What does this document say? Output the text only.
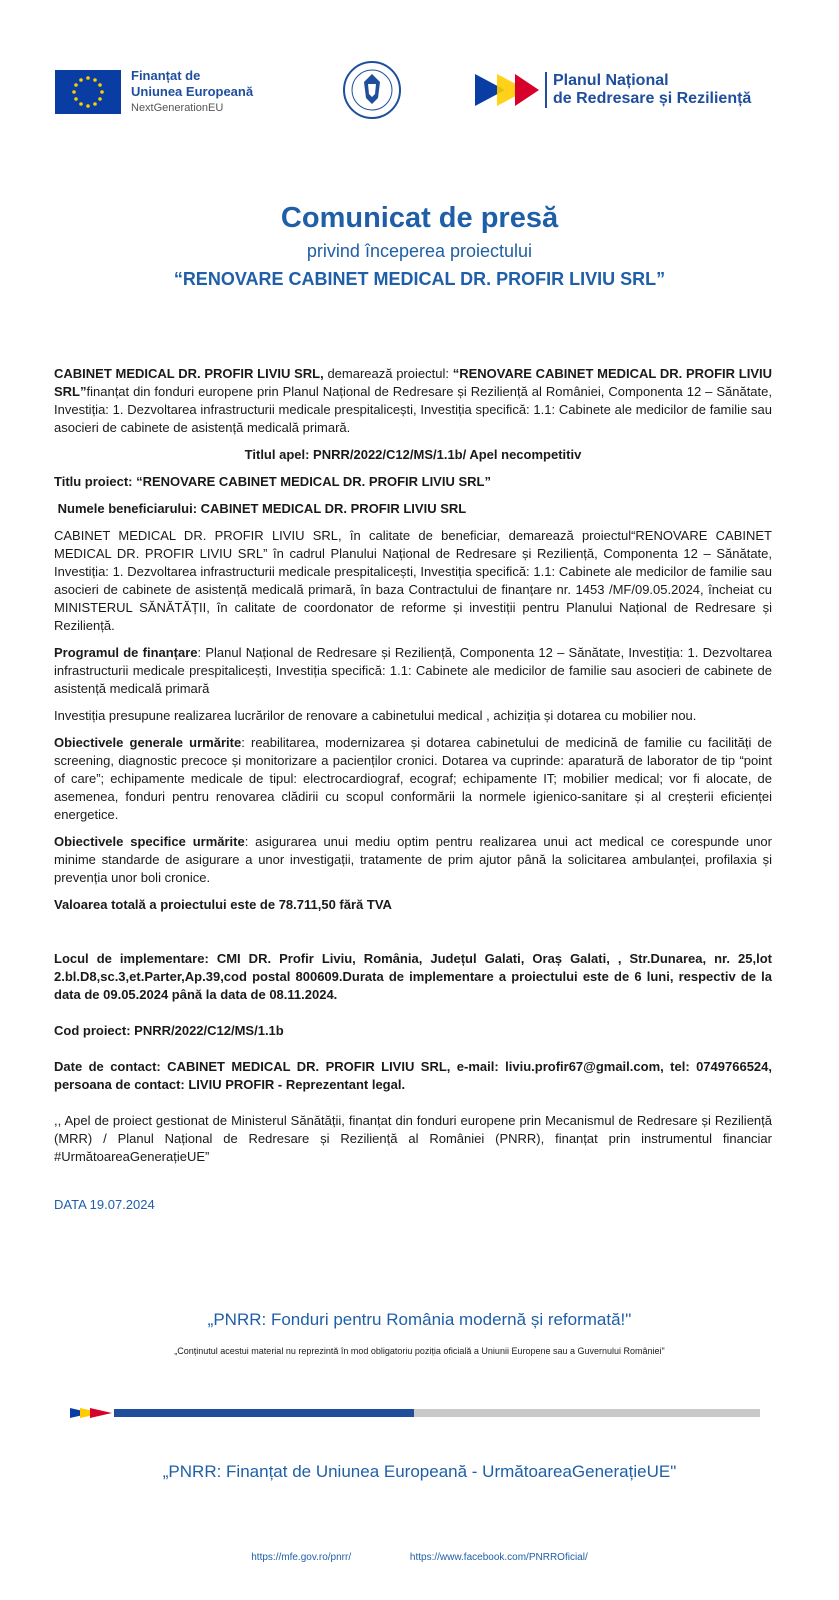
Finanțat de
Uniunea Europeană
NextGenerationEU
Planul Național
de Redresare și Reziliență
Comunicat de presă

privind începerea proiectului

“RENOVARE CABINET MEDICAL DR. PROFIR LIVIU SRL”

CABINET MEDICAL DR. PROFIR LIVIU SRL, demarează proiectul: “RENOVARE CABINET MEDICAL DR. PROFIR LIVIU SRL”finanțat din fonduri europene prin Planul Național de Redresare și Reziliență al României, Componenta 12 – Sănătate, Investiția: 1. Dezvoltarea infrastructurii medicale prespitalicești, Investiția specifică: 1.1: Cabinete ale medicilor de familie sau asocieri de cabinete de asistență medicală primară.

Titlul apel: PNRR/2022/C12/MS/1.1b/ Apel necompetitiv

Titlu proiect: “RENOVARE CABINET MEDICAL DR. PROFIR LIVIU SRL”

Numele beneficiarului: CABINET MEDICAL DR. PROFIR LIVIU SRL

CABINET MEDICAL DR. PROFIR LIVIU SRL, în calitate de beneficiar, demarează proiectul“RENOVARE CABINET MEDICAL DR. PROFIR LIVIU SRL” în cadrul Planului Național de Redresare și Reziliență, Componenta 12 – Sănătate, Investiția: 1. Dezvoltarea infrastructurii medicale prespitalicești, Investiția specifică: 1.1: Cabinete ale medicilor de familie sau asocieri de cabinete de asistență medicală primară, în baza Contractului de finanțare nr. 1453 /MF/09.05.2024, încheiat cu MINISTERUL SĂNĂTĂȚII, în calitate de coordonator de reforme și investiții pentru Planului Național de Redresare și Reziliență.

Programul de finanțare: Planul Național de Redresare și Reziliență, Componenta 12 – Sănătate, Investiția: 1. Dezvoltarea infrastructurii medicale prespitalicești, Investiția specifică: 1.1: Cabinete ale medicilor de familie sau asocieri de cabinete de asistență medicală primară

Investiția presupune realizarea lucrărilor de renovare a cabinetului medical , achiziția și dotarea cu mobilier nou.

Obiectivele generale urmărite: reabilitarea, modernizarea și dotarea cabinetului de medicină de familie cu facilități de screening, diagnostic precoce și monitorizare a pacienților cronici. Dotarea va cuprinde: aparatură de laborator de tip “point of care”; echipamente medicale de tipul: electrocardiograf, ecograf; echipamente IT; mobilier medical; vor fi alocate, de asemenea, fonduri pentru renovarea clădirii cu scopul conformării la normele igienico-sanitare și al creșterii eficienței energetice.

Obiectivele specifice urmărite: asigurarea unui mediu optim pentru realizarea unui act medical ce corespunde unor minime standarde de asigurare a unor investigații, tratamente de prim ajutor până la solicitarea ambulanței, profilaxia și prevenția unor boli cronice.

Valoarea totală a proiectului este de 78.711,50 fără TVA

Locul de implementare: CMI DR. Profir Liviu, România, Județul Galati, Oraș Galati, , Str.Dunarea, nr. 25,lot 2.bl.D8,sc.3,et.Parter,Ap.39,cod postal 800609.Durata de implementare a proiectului este de 6 luni, respectiv de la data de 09.05.2024 până la data de 08.11.2024.

Cod proiect: PNRR/2022/C12/MS/1.1b

Date de contact: CABINET MEDICAL DR. PROFIR LIVIU SRL, e-mail: liviu.profir67@gmail.com, tel: 0749766524, persoana de contact: LIVIU PROFIR - Reprezentant legal.

,, Apel de proiect gestionat de Ministerul Sănătății, finanțat din fonduri europene prin Mecanismul de Redresare și Reziliență (MRR) / Planul Național de Redresare și Reziliență al României (PNRR), finanțat prin instrumentul financiar #UrmătoareaGenerațieUE”

DATA 19.07.2024

„PNRR: Fonduri pentru România modernă și reformată!"
„Conținutul acestui material nu reprezintă în mod obligatoriu poziția oficială a Uniunii Europene sau a Guvernului României"
„PNRR: Finanțat de Uniunea Europeană - UrmătoareaGenerațieUE"
https://mfe.gov.ro/pnrr/	https://www.facebook.com/PNRROficial/
